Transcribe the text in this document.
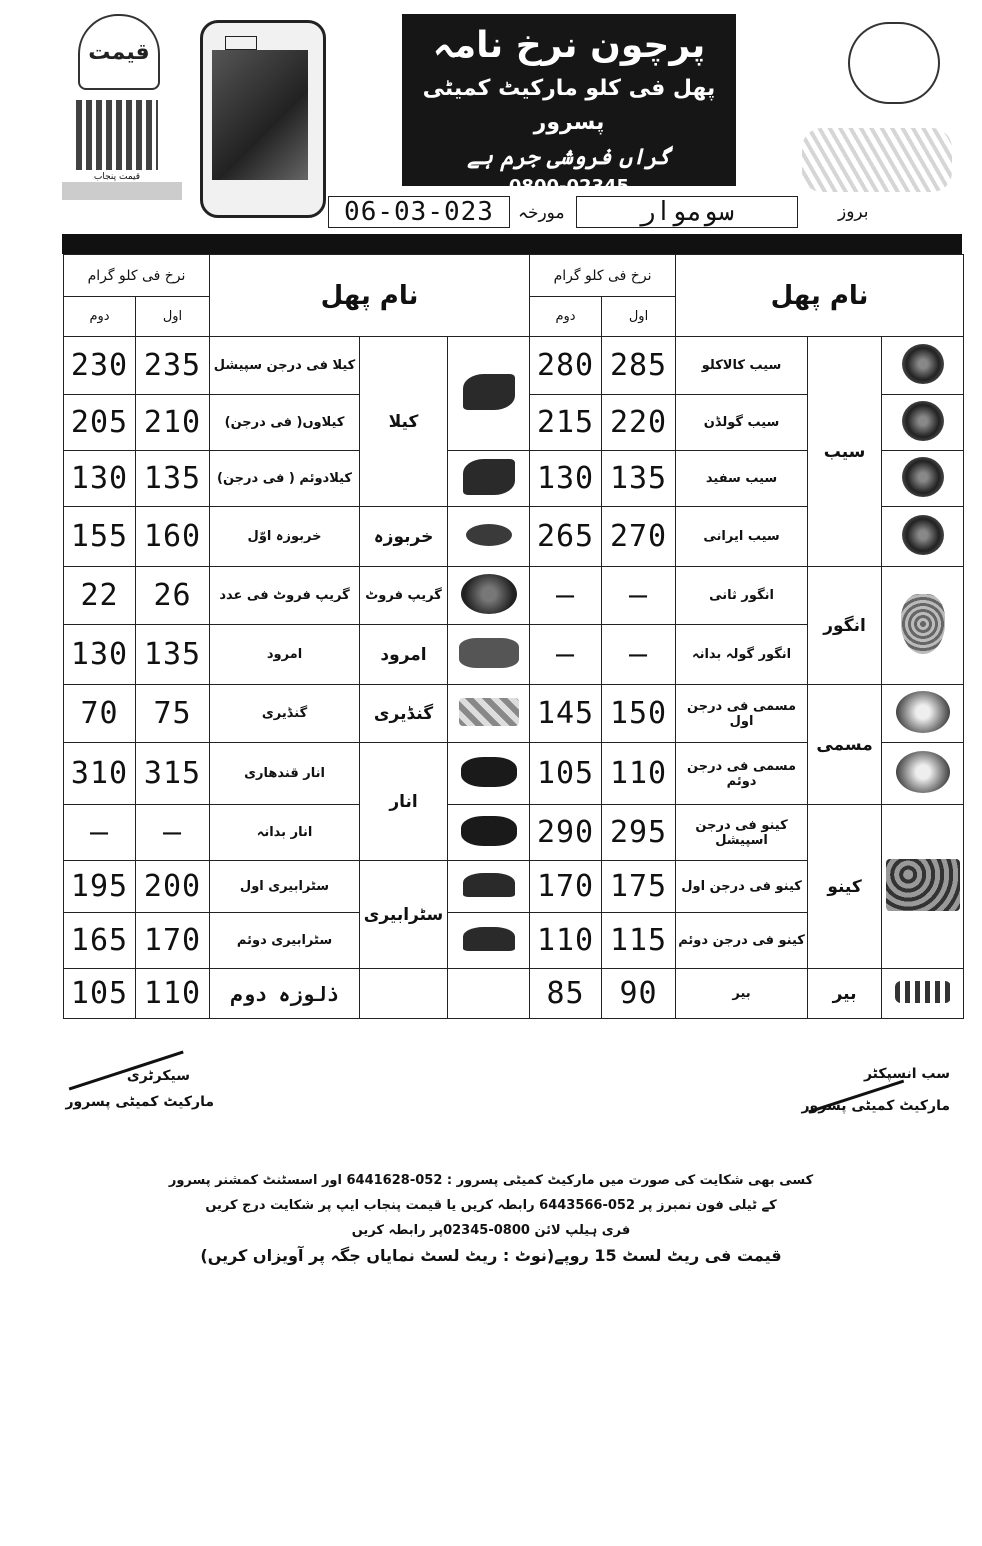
قیمت
قیمت پنجاب
پرچون نرخ نامہ
پھل فی کلو مارکیٹ کمیٹی پسرور
گراں فروشی جرم ہے
0800-02345
بروز
سوموار
مورخہ
06-03-023
نرخ فی کلو گرام		نام پھل			نرخ فی کلو گرام		نام پھل		
دوم	اول				دوم	اول			
230	235	کیلا فی درجن سپیشل	کیلا		280	285	سیب کالاکلو	سیب	
205	210	کیلاوں( فی درجن)			215	220	سیب گولڈن		
130	135	کیلادوئم ( فی درجن)			130	135	سیب سفید		
155	160	خربوزہ اوّل	خربوزہ		265	270	سیب ایرانی		
22	26	گریپ فروٹ فی عدد	گریپ فروٹ		—	—	انگور ثانی	انگور	
130	135	امرود	امرود		—	—	انگور گولہ بدانہ		
70	75	گنڈیری	گنڈیری		145	150	مسمی فی درجن اول	مسمی	
310	315	انار قندھاری	انار		105	110	مسمی فی درجن دوئم		
—	—	انار بدانہ			290	295	کینو فی درجن اسپیشل	کینو	
195	200	سٹرابیری اول	سٹرابیری		170	175	کینو فی درجن اول		
165	170	سٹرابیری دوئم			110	115	کینو فی درجن دوئم		
105	110	ذلوزہ دوم			85	90	بیر	بیر	
سیکرٹری
مارکیٹ کمیٹی پسرور
سب انسپکٹر
مارکیٹ کمیٹی پسرور
کسی بھی شکایت کی صورت میں مارکیٹ کمیٹی پسرور : 052-6441628 اور اسسٹنٹ کمشنر پسرور
کے ٹیلی فون نمبرز پر 052-6443566 رابطہ کریں یا قیمت پنجاب ایپ پر شکایت درج کریں
فری ہیلپ لائن 0800-02345پر رابطہ کریں
قیمت فی ریٹ لسٹ 15 روپے(نوٹ : ریٹ لسٹ نمایاں جگہ پر آویزاں کریں)
